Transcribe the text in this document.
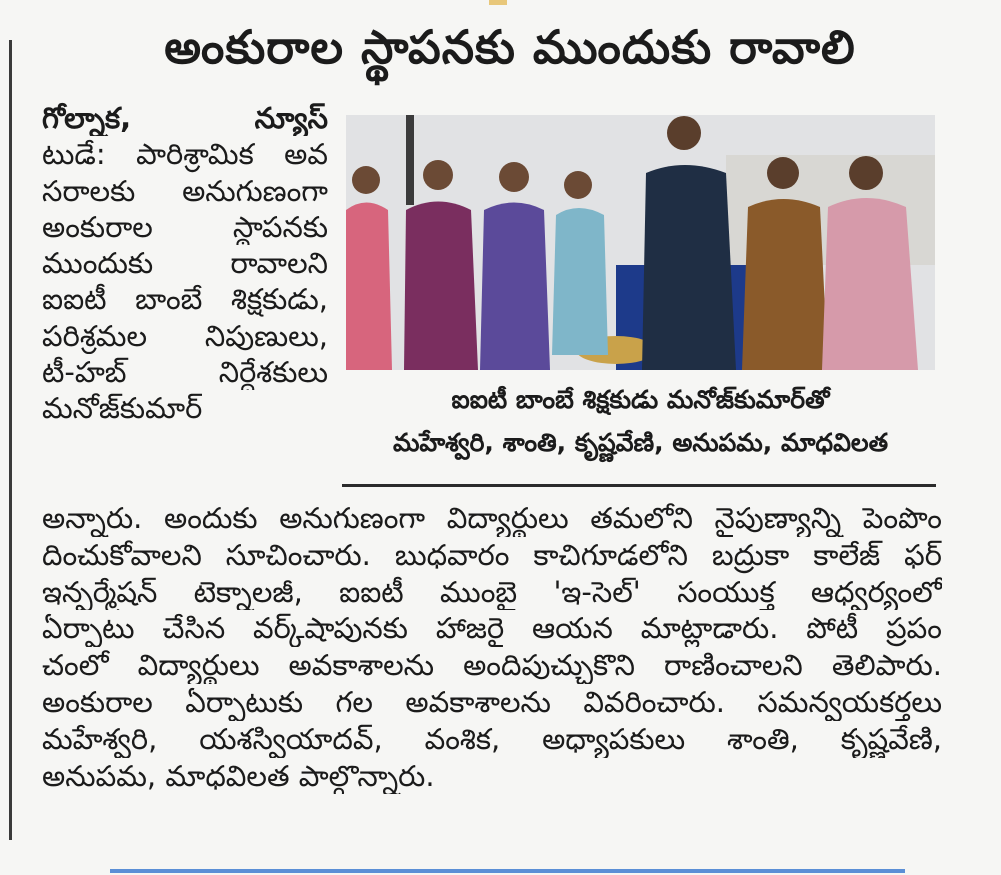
అంకురాల స్థాపనకు ముందుకు రావాలి
గోల్నాక, న్యూస్
టుడే: పారిశ్రామిక అవ
సరాలకు అనుగుణంగా
అంకురాల స్థాపనకు
ముందుకు రావాలని
ఐఐటీ బాంబే శిక్షకుడు,
పరిశ్రమల నిపుణులు,
టీ-హబ్ నిర్దేశకులు
మనోజ్‌కుమార్	ఐఐటీ బాంబే శిక్షకుడు మనోజ్‌కుమార్‌తో
మహేశ్వరి, శాంతి, కృష్ణవేణి, అనుపమ, మాధవిలత
అన్నారు. అందుకు అనుగుణంగా విద్యార్థులు తమలోని నైపుణ్యాన్ని పెంపొం
దించుకోవాలని సూచించారు. బుధవారం కాచిగూడలోని బద్రుకా కాలేజ్ ఫర్
ఇన్ఫర్మేషన్ టెక్నాలజీ, ఐఐటీ ముంబై 'ఇ-సెల్' సంయుక్త ఆధ్వర్యంలో
ఏర్పాటు చేసిన వర్క్‌షాపునకు హాజరై ఆయన మాట్లాడారు. పోటీ ప్రపం
చంలో విద్యార్థులు అవకాశాలను అందిపుచ్చుకొని రాణించాలని తెలిపారు.
అంకురాల ఏర్పాటుకు గల అవకాశాలను వివరించారు. సమన్వయకర్తలు
మహేశ్వరి, యశస్వియాదవ్, వంశిక, అధ్యాపకులు శాంతి, కృష్ణవేణి,
అనుపమ, మాధవిలత పాల్గొన్నారు.
